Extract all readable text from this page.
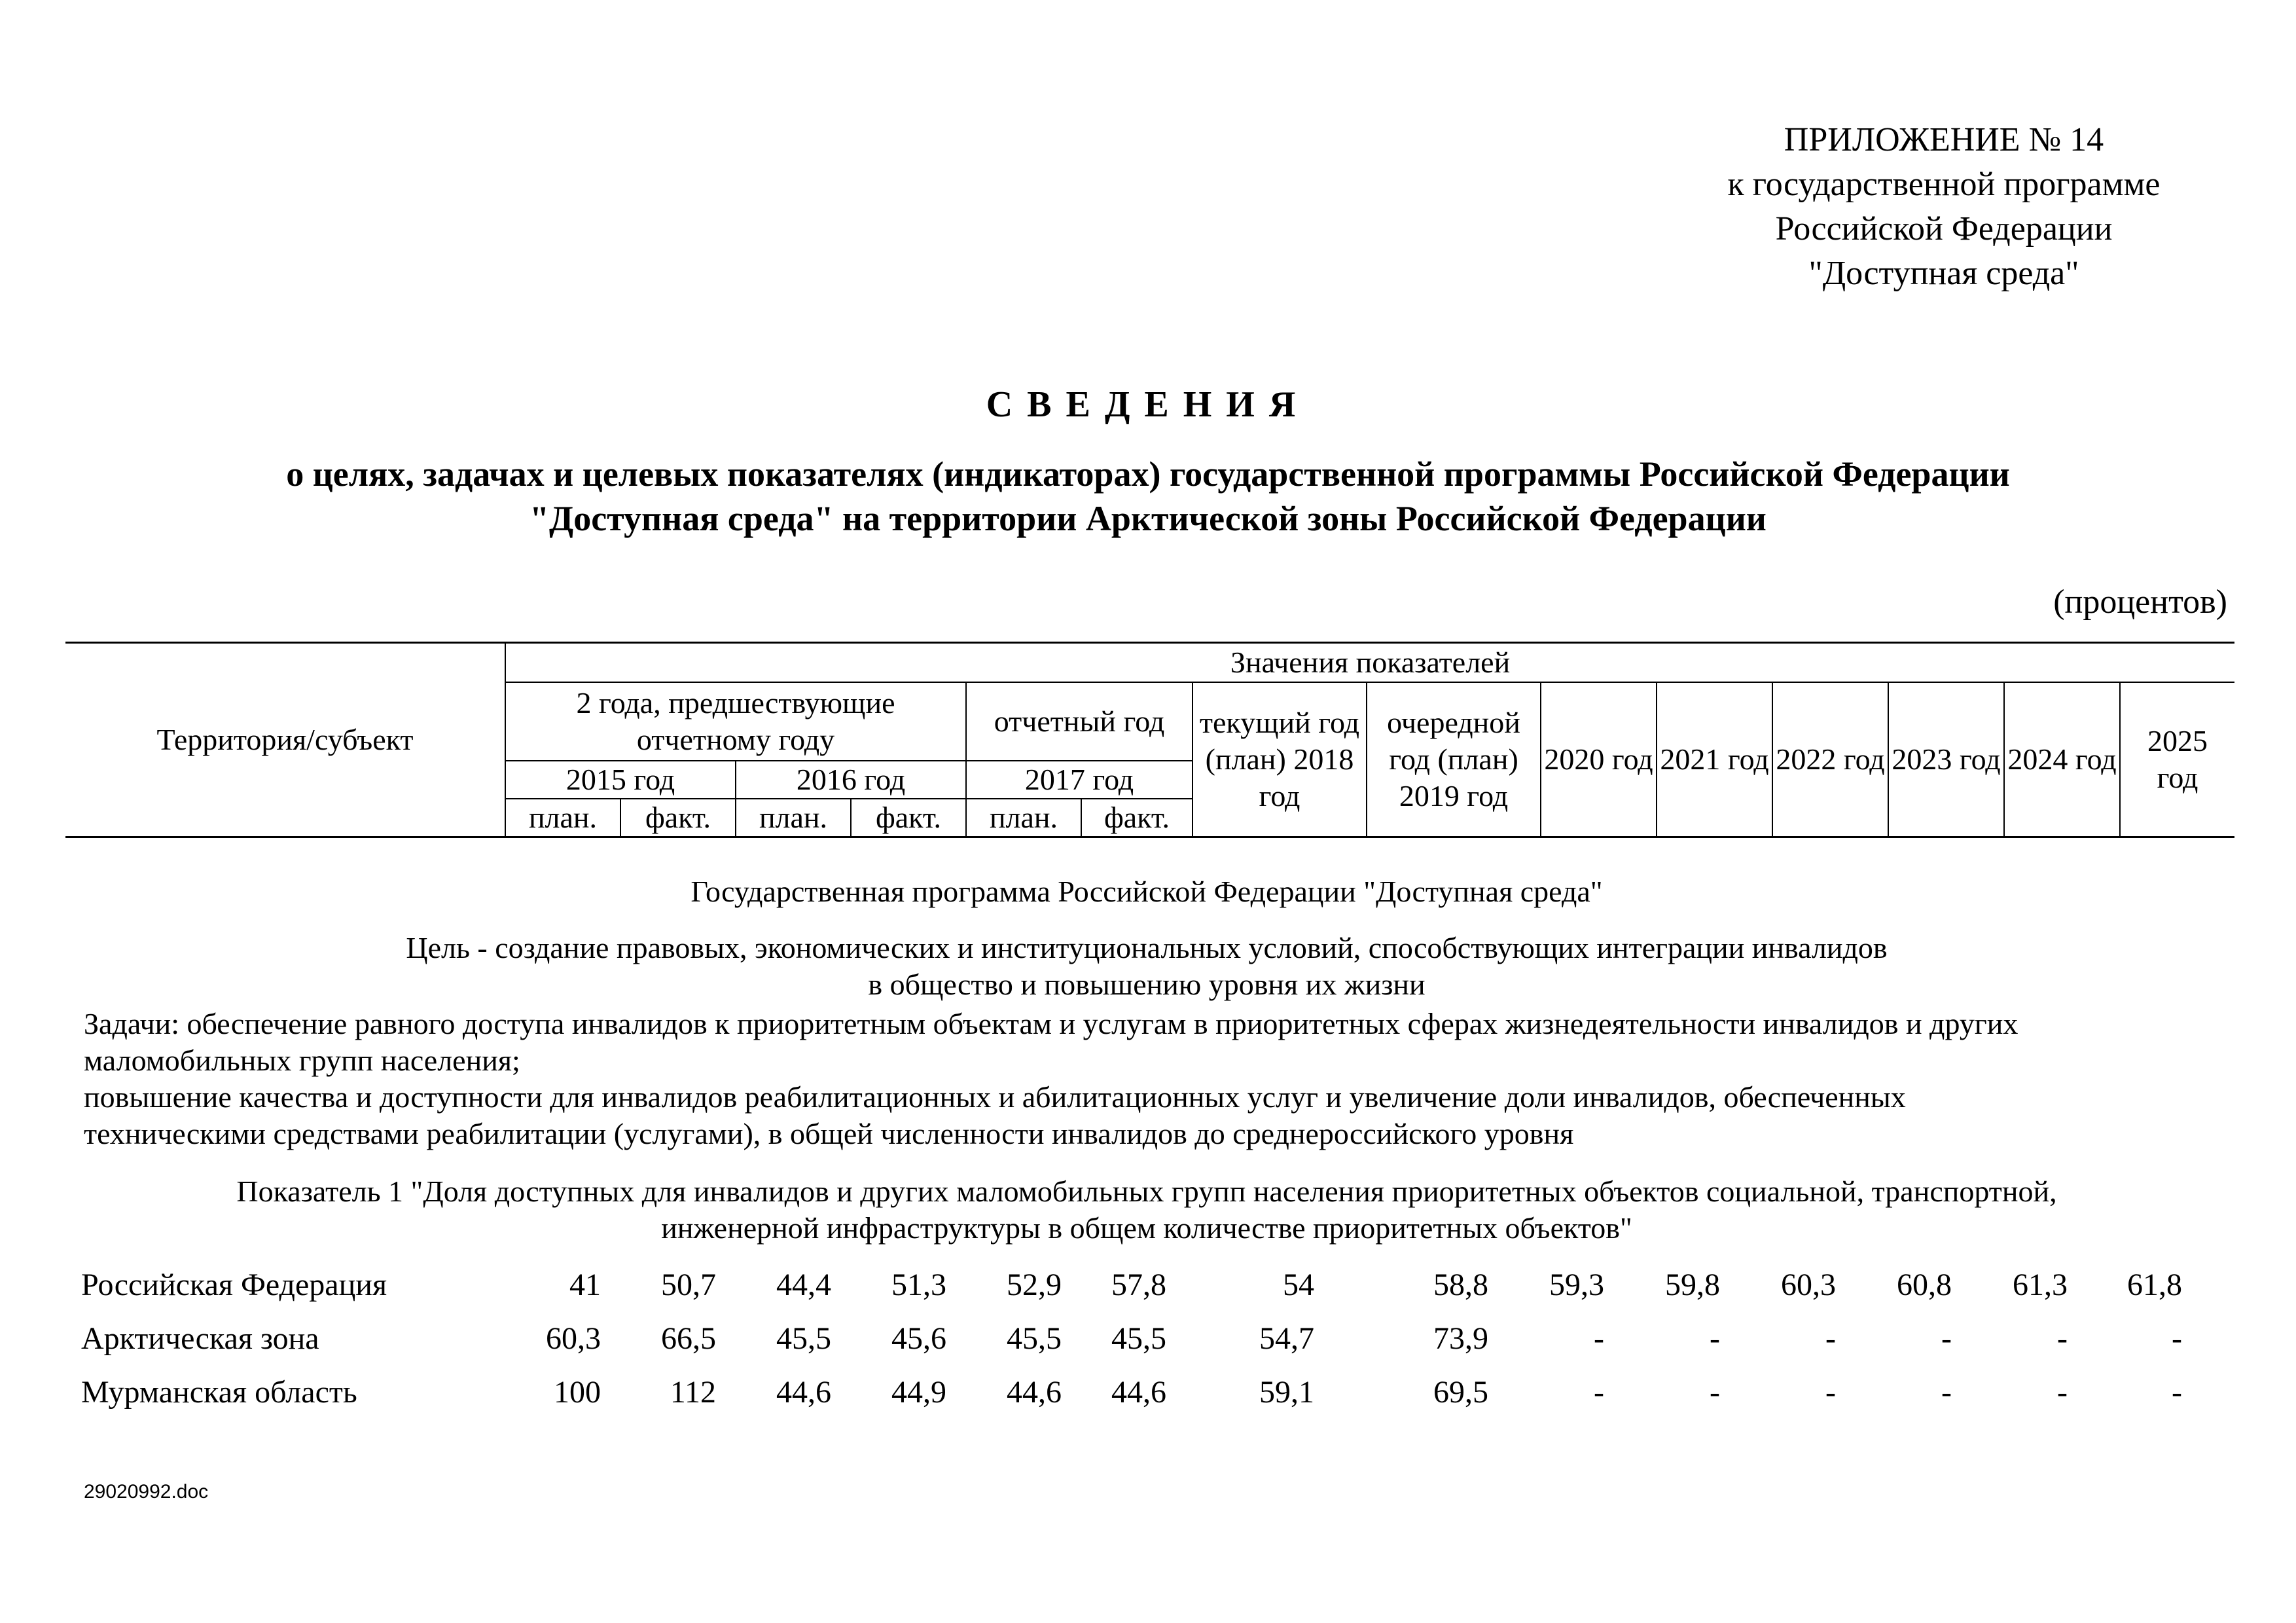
ПРИЛОЖЕНИЕ № 14
к государственной программе
Российской Федерации
"Доступная среда"
СВЕДЕНИЯ
о целях, задачах и целевых показателях (индикаторах) государственной программы Российской Федерации
"Доступная среда" на территории Арктической зоны Российской Федерации
(процентов)
Территория/субъект	Значения показателей													
	2 года, предшествующие отчетному году				отчетный год		текущий год (план) 2018 год	очередной год (план) 2019 год	2020 год	2021 год	2022 год	2023 год	2024 год	2025 год
	2015 год		2016 год		2017 год									
	план.	факт.	план.	факт.	план.	факт.								
Государственная программа Российской Федерации "Доступная среда"
Цель - создание правовых, экономических и институциональных условий, способствующих интеграции инвалидов
в общество и повышению уровня их жизни
Задачи: обеспечение равного доступа инвалидов к приоритетным объектам и услугам в приоритетных сферах жизнедеятельности инвалидов и других
маломобильных групп населения;
повышение качества и доступности для инвалидов реабилитационных и абилитационных услуг и увеличение доли инвалидов, обеспеченных
техническими средствами реабилитации (услугами), в общей численности инвалидов до среднероссийского уровня
Показатель 1 "Доля доступных для инвалидов и других маломобильных групп населения приоритетных объектов социальной, транспортной,
инженерной инфраструктуры в общем количестве приоритетных объектов"
Российская Федерация	41	50,7	44,4	51,3	52,9	57,8	54	58,8	59,3	59,8	60,3	60,8	61,3	61,8
Арктическая зона	60,3	66,5	45,5	45,6	45,5	45,5	54,7	73,9	-	-	-	-	-	-
Мурманская область	100	112	44,6	44,9	44,6	44,6	59,1	69,5	-	-	-	-	-	-
29020992.doc
